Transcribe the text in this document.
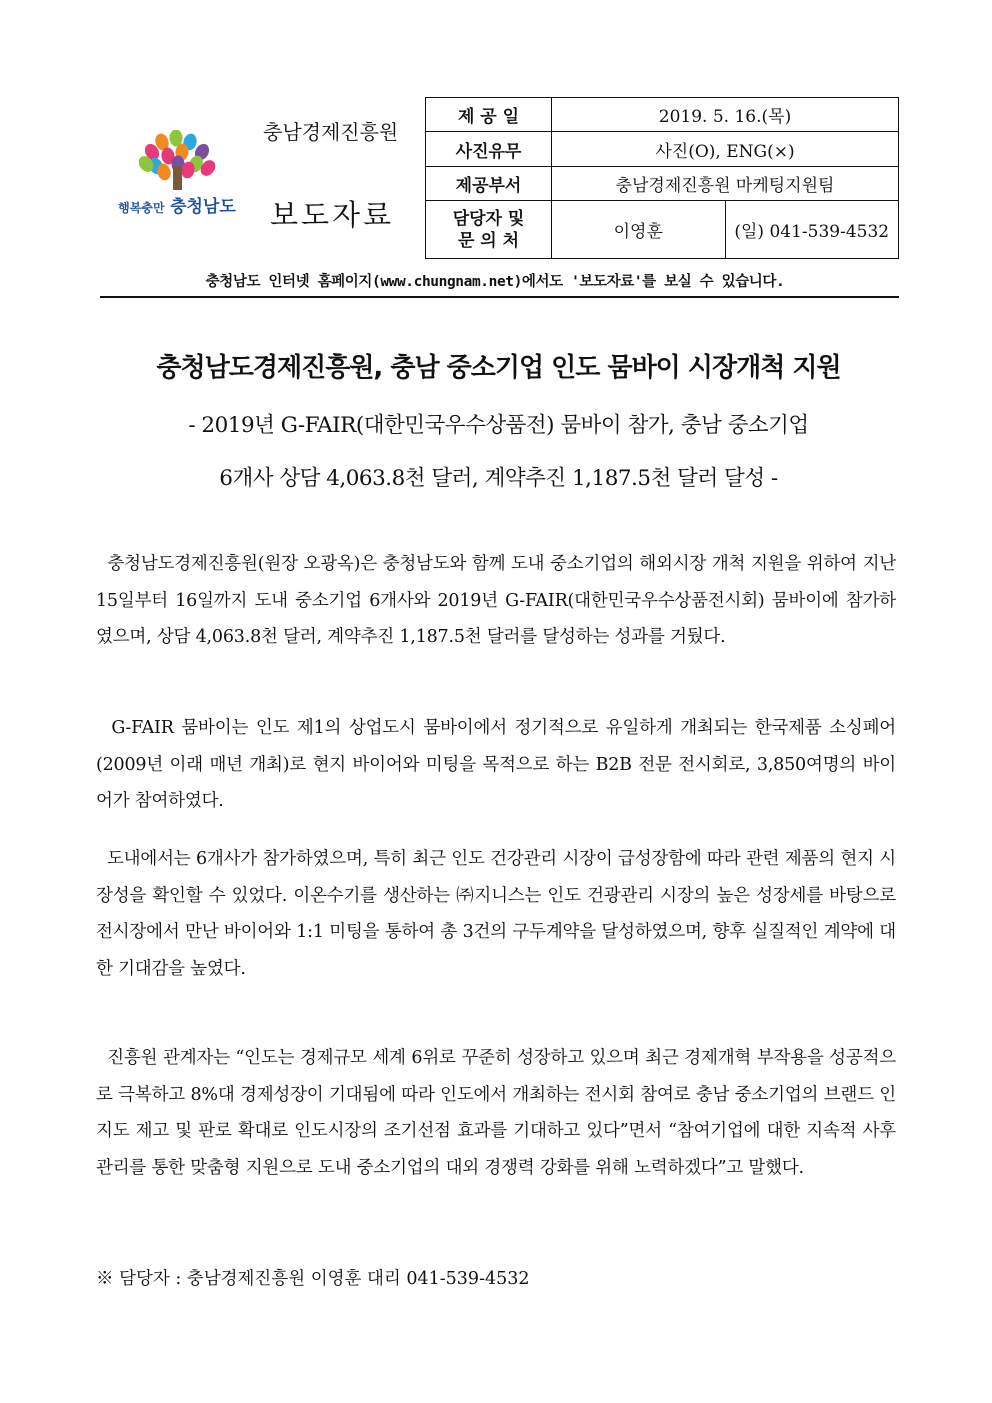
행복충만 충청남도
충남경제진흥원
보도자료
제 공 일	2019. 5. 16.(목)	
사진유무	사진(O), ENG(×)	
제공부서	충남경제진흥원 마케팅지원팀	
담당자 및
문 의 처	이영훈	(일) 041-539-4532
충청남도 인터넷 홈페이지(www.chungnam.net)에서도 '보도자료'를 보실 수 있습니다.
충청남도경제진흥원, 충남 중소기업 인도 뭄바이 시장개척 지원
- 2019년 G-FAIR(대한민국우수상품전) 뭄바이 참가, 충남 중소기업
6개사 상담 4,063.8천 달러, 계약추진 1,187.5천 달러 달성 -
충청남도경제진흥원(원장 오광옥)은 충청남도와 함께 도내 중소기업의 해외시장 개척 지원을 위하여 지난 15일부터 16일까지 도내 중소기업 6개사와 2019년 G-FAIR(대한민국우수상품전시회) 뭄바이에 참가하였으며, 상담 4,063.8천 달러, 계약추진 1,187.5천 달러를 달성하는 성과를 거뒀다.
G-FAIR 뭄바이는 인도 제1의 상업도시 뭄바이에서 정기적으로 유일하게 개최되는 한국제품 소싱페어(2009년 이래 매년 개최)로 현지 바이어와 미팅을 목적으로 하는 B2B 전문 전시회로, 3,850여명의 바이어가 참여하였다.
도내에서는 6개사가 참가하였으며, 특히 최근 인도 건강관리 시장이 급성장함에 따라 관련 제품의 현지 시장성을 확인할 수 있었다. 이온수기를 생산하는 ㈜지니스는 인도 건광관리 시장의 높은 성장세를 바탕으로 전시장에서 만난 바이어와 1:1 미팅을 통하여 총 3건의 구두계약을 달성하였으며, 향후 실질적인 계약에 대한 기대감을 높였다.
진흥원 관계자는 “인도는 경제규모 세계 6위로 꾸준히 성장하고 있으며 최근 경제개혁 부작용을 성공적으로 극복하고 8%대 경제성장이 기대됨에 따라 인도에서 개최하는 전시회 참여로 충남 중소기업의 브랜드 인지도 제고 및 판로 확대로 인도시장의 조기선점 효과를 기대하고 있다”면서 “참여기업에 대한 지속적 사후관리를 통한 맞춤형 지원으로 도내 중소기업의 대외 경쟁력 강화를 위해 노력하겠다”고 말했다.
※ 담당자 : 충남경제진흥원 이영훈 대리 041-539-4532
